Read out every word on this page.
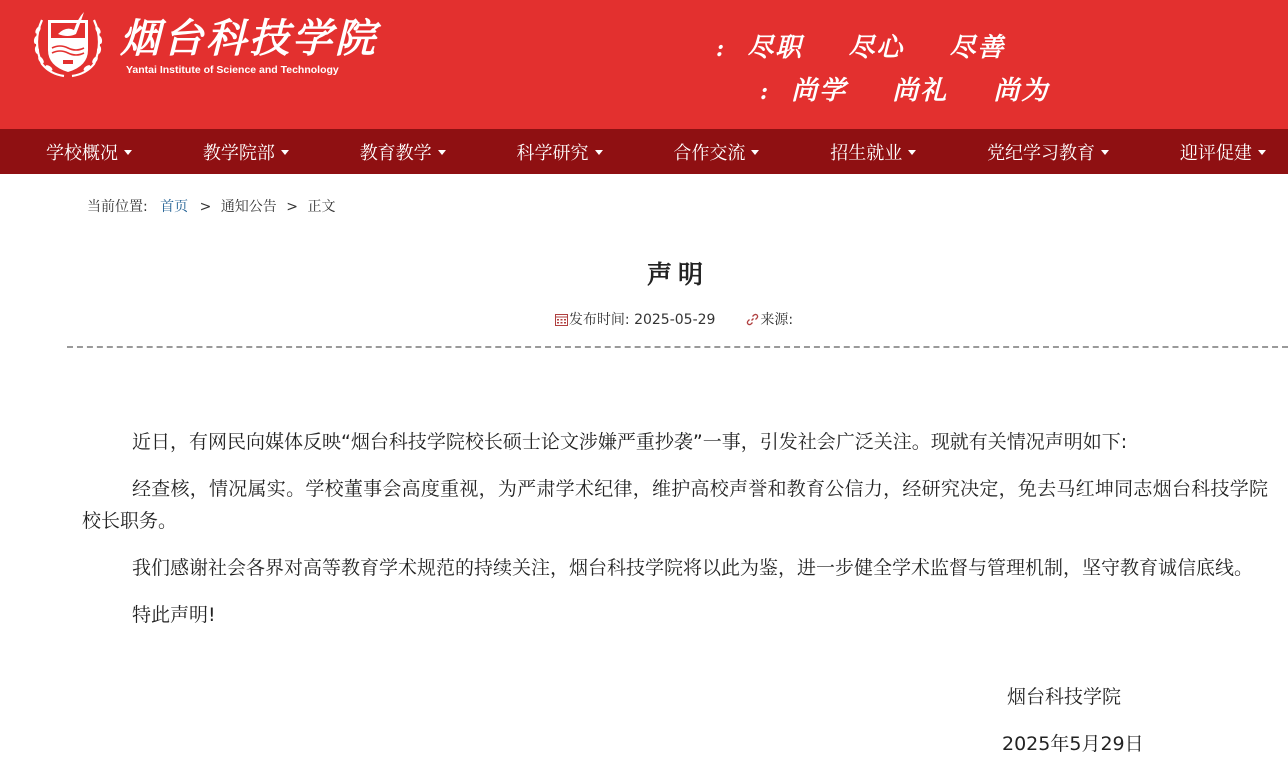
烟台科技学院
Yantai Institute of Science and Technology
: 尽职 尽心 尽善
: 尚学 尚礼 尚为
学校概况	教学院部	教育教学	科学研究	合作交流	招生就业	党纪学习教育	迎评促建
当前位置: 首页 > 通知公告 > 正文
声明
发布时间: 2025-05-29	来源:

近日，有网民向媒体反映“烟台科技学院校长硕士论文涉嫌严重抄袭”一事，引发社会广泛关注。现就有关情况声明如下:

经查核，情况属实。学校董事会高度重视，为严肃学术纪律，维护高校声誉和教育公信力，经研究决定，免去马红坤同志烟台科技学院校长职务。

我们感谢社会各界对高等教育学术规范的持续关注，烟台科技学院将以此为鉴，进一步健全学术监督与管理机制，坚守教育诚信底线。

特此声明!

烟台科技学院
2025年5月29日
